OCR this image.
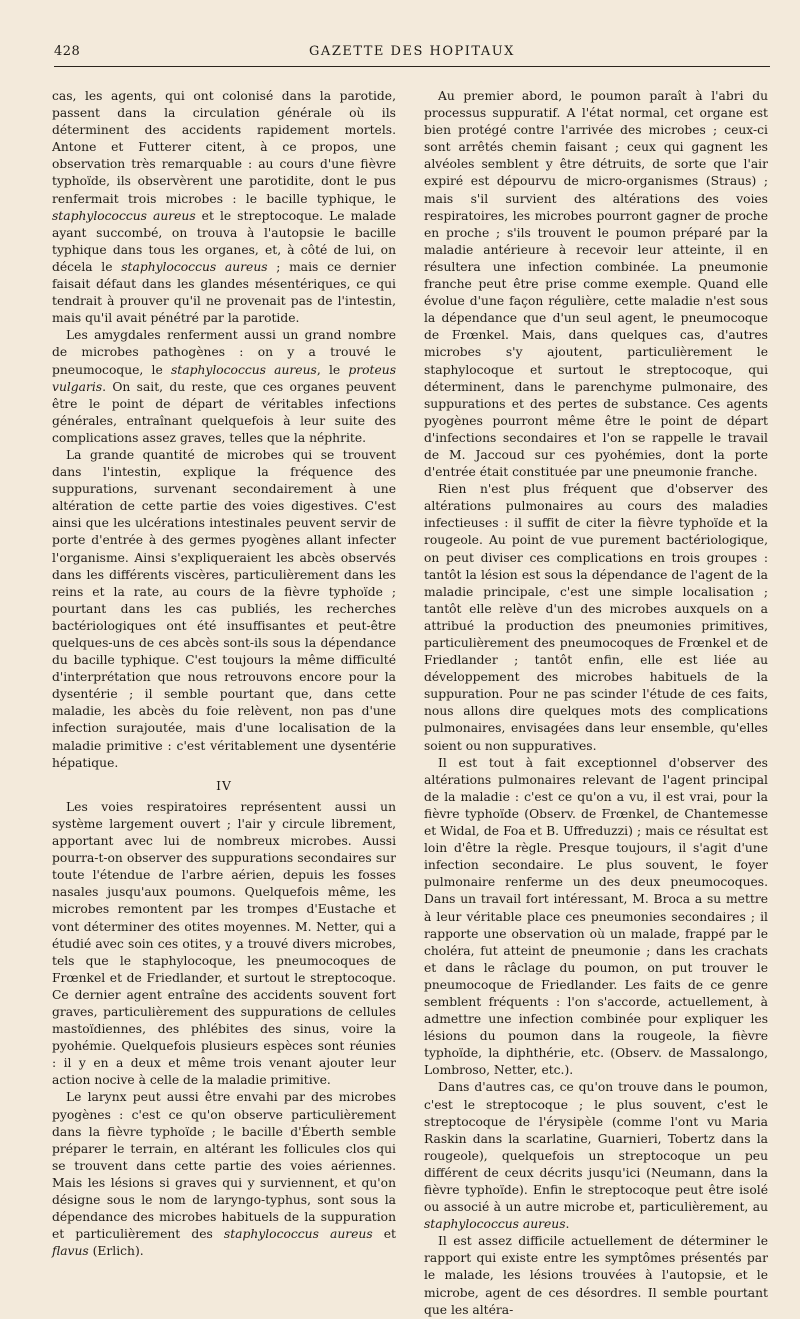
428	GAZETTE DES HOPITAUX

cas, les agents, qui ont colonisé dans la parotide, passent dans la circulation générale où ils déterminent des accidents rapidement mortels. Antone et Futterer citent, à ce propos, une observation très remarquable : au cours d'une fièvre typhoïde, ils observèrent une parotidite, dont le pus renfermait trois microbes : le bacille typhique, le staphylococcus aureus et le streptocoque. Le malade ayant succombé, on trouva à l'autopsie le bacille typhique dans tous les organes, et, à côté de lui, on décela le staphylococcus aureus ; mais ce dernier faisait défaut dans les glandes mésentériques, ce qui tendrait à prouver qu'il ne provenait pas de l'intestin, mais qu'il avait pénétré par la parotide.

Les amygdales renferment aussi un grand nombre de microbes pathogènes : on y a trouvé le pneumocoque, le staphylococcus aureus, le proteus vulgaris. On sait, du reste, que ces organes peuvent être le point de départ de véritables infections générales, entraînant quelquefois à leur suite des complications assez graves, telles que la néphrite.

La grande quantité de microbes qui se trouvent dans l'intestin, explique la fréquence des suppurations, survenant secondairement à une altération de cette partie des voies digestives. C'est ainsi que les ulcérations intestinales peuvent servir de porte d'entrée à des germes pyogènes allant infecter l'organisme. Ainsi s'expliqueraient les abcès observés dans les différents viscères, particulièrement dans les reins et la rate, au cours de la fièvre typhoïde ; pourtant dans les cas publiés, les recherches bactériologiques ont été insuffisantes et peut-être quelques-uns de ces abcès sont-ils sous la dépendance du bacille typhique. C'est toujours la même difficulté d'interprétation que nous retrouvons encore pour la dysentérie ; il semble pourtant que, dans cette maladie, les abcès du foie relèvent, non pas d'une infection surajoutée, mais d'une localisation de la maladie primitive : c'est véritablement une dysentérie hépatique.

IV

Les voies respiratoires représentent aussi un système largement ouvert ; l'air y circule librement, apportant avec lui de nombreux microbes. Aussi pourra-t-on observer des suppurations secondaires sur toute l'étendue de l'arbre aérien, depuis les fosses nasales jusqu'aux poumons. Quelquefois même, les microbes remontent par les trompes d'Eustache et vont déterminer des otites moyennes. M. Netter, qui a étudié avec soin ces otites, y a trouvé divers microbes, tels que le staphylocoque, les pneumocoques de Frœnkel et de Friedlander, et surtout le streptocoque. Ce dernier agent entraîne des accidents souvent fort graves, particulièrement des suppurations de cellules mastoïdiennes, des phlébites des sinus, voire la pyohémie. Quelquefois plusieurs espèces sont réunies : il y en a deux et même trois venant ajouter leur action nocive à celle de la maladie primitive.

Le larynx peut aussi être envahi par des microbes pyogènes : c'est ce qu'on observe particulièrement dans la fièvre typhoïde ; le bacille d'Éberth semble préparer le terrain, en altérant les follicules clos qui se trouvent dans cette partie des voies aériennes. Mais les lésions si graves qui y surviennent, et qu'on désigne sous le nom de laryngo-typhus, sont sous la dépendance des microbes habituels de la suppuration et particulièrement des staphylococcus aureus et flavus (Erlich).

Au premier abord, le poumon paraît à l'abri du processus suppuratif. A l'état normal, cet organe est bien protégé contre l'arrivée des microbes ; ceux-ci sont arrêtés chemin faisant ; ceux qui gagnent les alvéoles semblent y être détruits, de sorte que l'air expiré est dépourvu de micro-organismes (Straus) ; mais s'il survient des altérations des voies respiratoires, les microbes pourront gagner de proche en proche ; s'ils trouvent le poumon préparé par la maladie antérieure à recevoir leur atteinte, il en résultera une infection combinée. La pneumonie franche peut être prise comme exemple. Quand elle évolue d'une façon régulière, cette maladie n'est sous la dépendance que d'un seul agent, le pneumocoque de Frœnkel. Mais, dans quelques cas, d'autres microbes s'y ajoutent, particulièrement le staphylocoque et surtout le streptocoque, qui déterminent, dans le parenchyme pulmonaire, des suppurations et des pertes de substance. Ces agents pyogènes pourront même être le point de départ d'infections secondaires et l'on se rappelle le travail de M. Jaccoud sur ces pyohémies, dont la porte d'entrée était constituée par une pneumonie franche.

Rien n'est plus fréquent que d'observer des altérations pulmonaires au cours des maladies infectieuses : il suffit de citer la fièvre typhoïde et la rougeole. Au point de vue purement bactériologique, on peut diviser ces complications en trois groupes : tantôt la lésion est sous la dépendance de l'agent de la maladie principale, c'est une simple localisation ; tantôt elle relève d'un des microbes auxquels on a attribué la production des pneumonies primitives, particulièrement des pneumocoques de Frœnkel et de Friedlander ; tantôt enfin, elle est liée au développement des microbes habituels de la suppuration. Pour ne pas scinder l'étude de ces faits, nous allons dire quelques mots des complications pulmonaires, envisagées dans leur ensemble, qu'elles soient ou non suppuratives.

Il est tout à fait exceptionnel d'observer des altérations pulmonaires relevant de l'agent principal de la maladie : c'est ce qu'on a vu, il est vrai, pour la fièvre typhoïde (Observ. de Frœnkel, de Chantemesse et Widal, de Foa et B. Uffreduzzi) ; mais ce résultat est loin d'être la règle. Presque toujours, il s'agit d'une infection secondaire. Le plus souvent, le foyer pulmonaire renferme un des deux pneumocoques. Dans un travail fort intéressant, M. Broca a su mettre à leur véritable place ces pneumonies secondaires ; il rapporte une observation où un malade, frappé par le choléra, fut atteint de pneumonie ; dans les crachats et dans le râclage du poumon, on put trouver le pneumocoque de Friedlander. Les faits de ce genre semblent fréquents : l'on s'accorde, actuellement, à admettre une infection combinée pour expliquer les lésions du poumon dans la rougeole, la fièvre typhoïde, la diphthérie, etc. (Observ. de Massalongo, Lombroso, Netter, etc.).

Dans d'autres cas, ce qu'on trouve dans le poumon, c'est le streptocoque ; le plus souvent, c'est le streptocoque de l'érysipèle (comme l'ont vu Maria Raskin dans la scarlatine, Guarnieri, Tobertz dans la rougeole), quelquefois un streptocoque un peu différent de ceux décrits jusqu'ici (Neumann, dans la fièvre typhoïde). Enfin le streptocoque peut être isolé ou associé à un autre microbe et, particulièrement, au staphylococcus aureus.

Il est assez difficile actuellement de déterminer le rapport qui existe entre les symptômes présentés par le malade, les lésions trouvées à l'autopsie, et le microbe, agent de ces désordres. Il semble pourtant que les altéra-
